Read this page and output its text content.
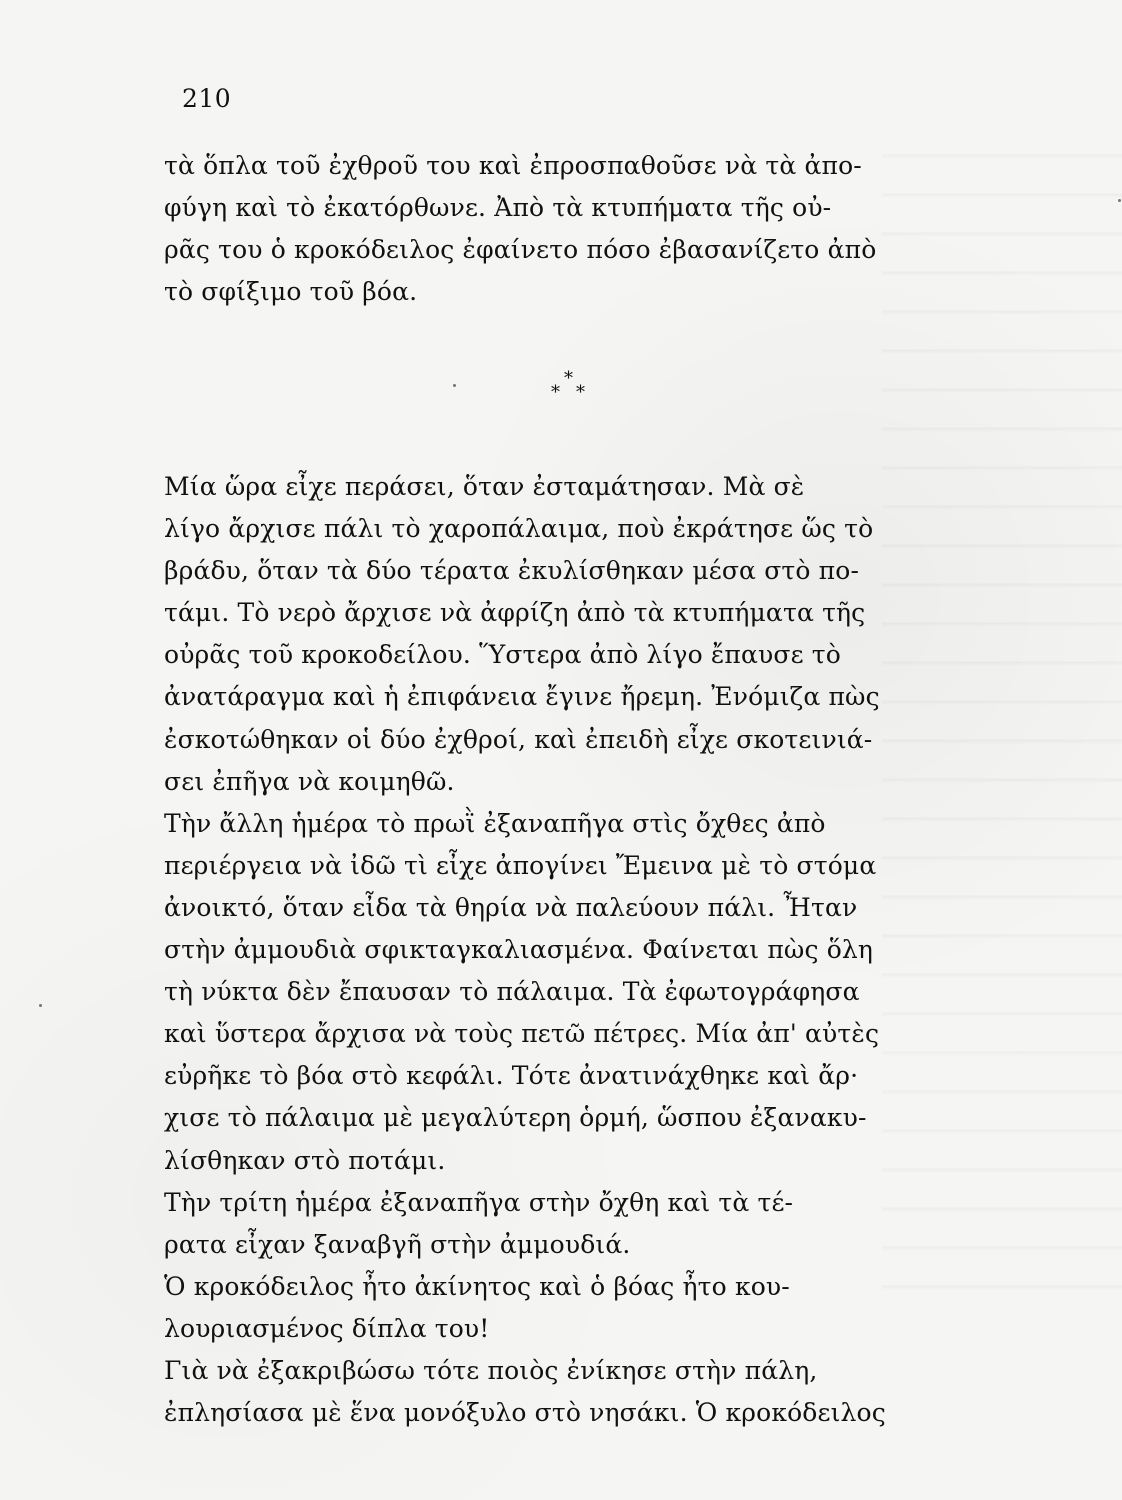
210
τὰ ὅπλα τοῦ ἐχθροῦ του καὶ ἐπροσπαθοῦσε νὰ τὰ ἀπο-
φύγη καὶ τὸ ἐκατόρθωνε. Ἀπὸ τὰ κτυπήματα τῆς οὐ-
ρᾶς του ὁ κροκόδειλος ἐφαίνετο πόσο ἐβασανίζετο ἀπὸ
τὸ σφίξιμο τοῦ βόα.
*
* *
Μία ὥρα εἶχε περάσει, ὅταν ἐσταμάτησαν. Μὰ σὲ
λίγο ἄρχισε πάλι τὸ χαροπάλαιμα, ποὺ ἐκράτησε ὥς τὸ
βράδυ, ὅταν τὰ δύο τέρατα ἐκυλίσθηκαν μέσα στὸ πο-
τάμι. Τὸ νερὸ ἄρχισε νὰ ἀφρίζη ἀπὸ τὰ κτυπήματα τῆς
οὐρᾶς τοῦ κροκοδείλου. Ὕστερα ἀπὸ λίγο ἔπαυσε τὸ
ἀνατάραγμα καὶ ἡ ἐπιφάνεια ἔγινε ἤρεμη. Ἐνόμιζα πὼς
ἐσκοτώθηκαν οἱ δύο ἐχθροί, καὶ ἐπειδὴ εἶχε σκοτεινιά-
σει ἐπῆγα νὰ κοιμηθῶ.
Τὴν ἄλλη ἡμέρα τὸ πρωῒ ἐξαναπῆγα στὶς ὄχθες ἀπὸ
περιέργεια νὰ ἰδῶ τὶ εἶχε ἀπογίνει Ἔμεινα μὲ τὸ στόμα
ἀνοικτό, ὅταν εἶδα τὰ θηρία νὰ παλεύουν πάλι. Ἦταν
στὴν ἀμμουδιὰ σφικταγκαλιασμένα. Φαίνεται πὼς ὅλη
τὴ νύκτα δὲν ἔπαυσαν τὸ πάλαιμα. Τὰ ἐφωτογράφησα
καὶ ὕστερα ἄρχισα νὰ τοὺς πετῶ πέτρες. Μία ἀπ' αὐτὲς
εὐρῆκε τὸ βόα στὸ κεφάλι. Τότε ἀνατινάχθηκε καὶ ἄρ·
χισε τὸ πάλαιμα μὲ μεγαλύτερη ὁρμή, ὥσπου ἐξανακυ-
λίσθηκαν στὸ ποτάμι.
Τὴν τρίτη ἡμέρα ἐξαναπῆγα στὴν ὄχθη καὶ τὰ τέ-
ρατα εἶχαν ξαναβγῆ στὴν ἀμμουδιά.
Ὁ κροκόδειλος ἦτο ἀκίνητος καὶ ὁ βόας ἦτο κου-
λουριασμένος δίπλα του!
Γιὰ νὰ ἐξακριβώσω τότε ποιὸς ἐνίκησε στὴν πάλη,
ἐπλησίασα μὲ ἕνα μονόξυλο στὸ νησάκι. Ὁ κροκόδειλος
